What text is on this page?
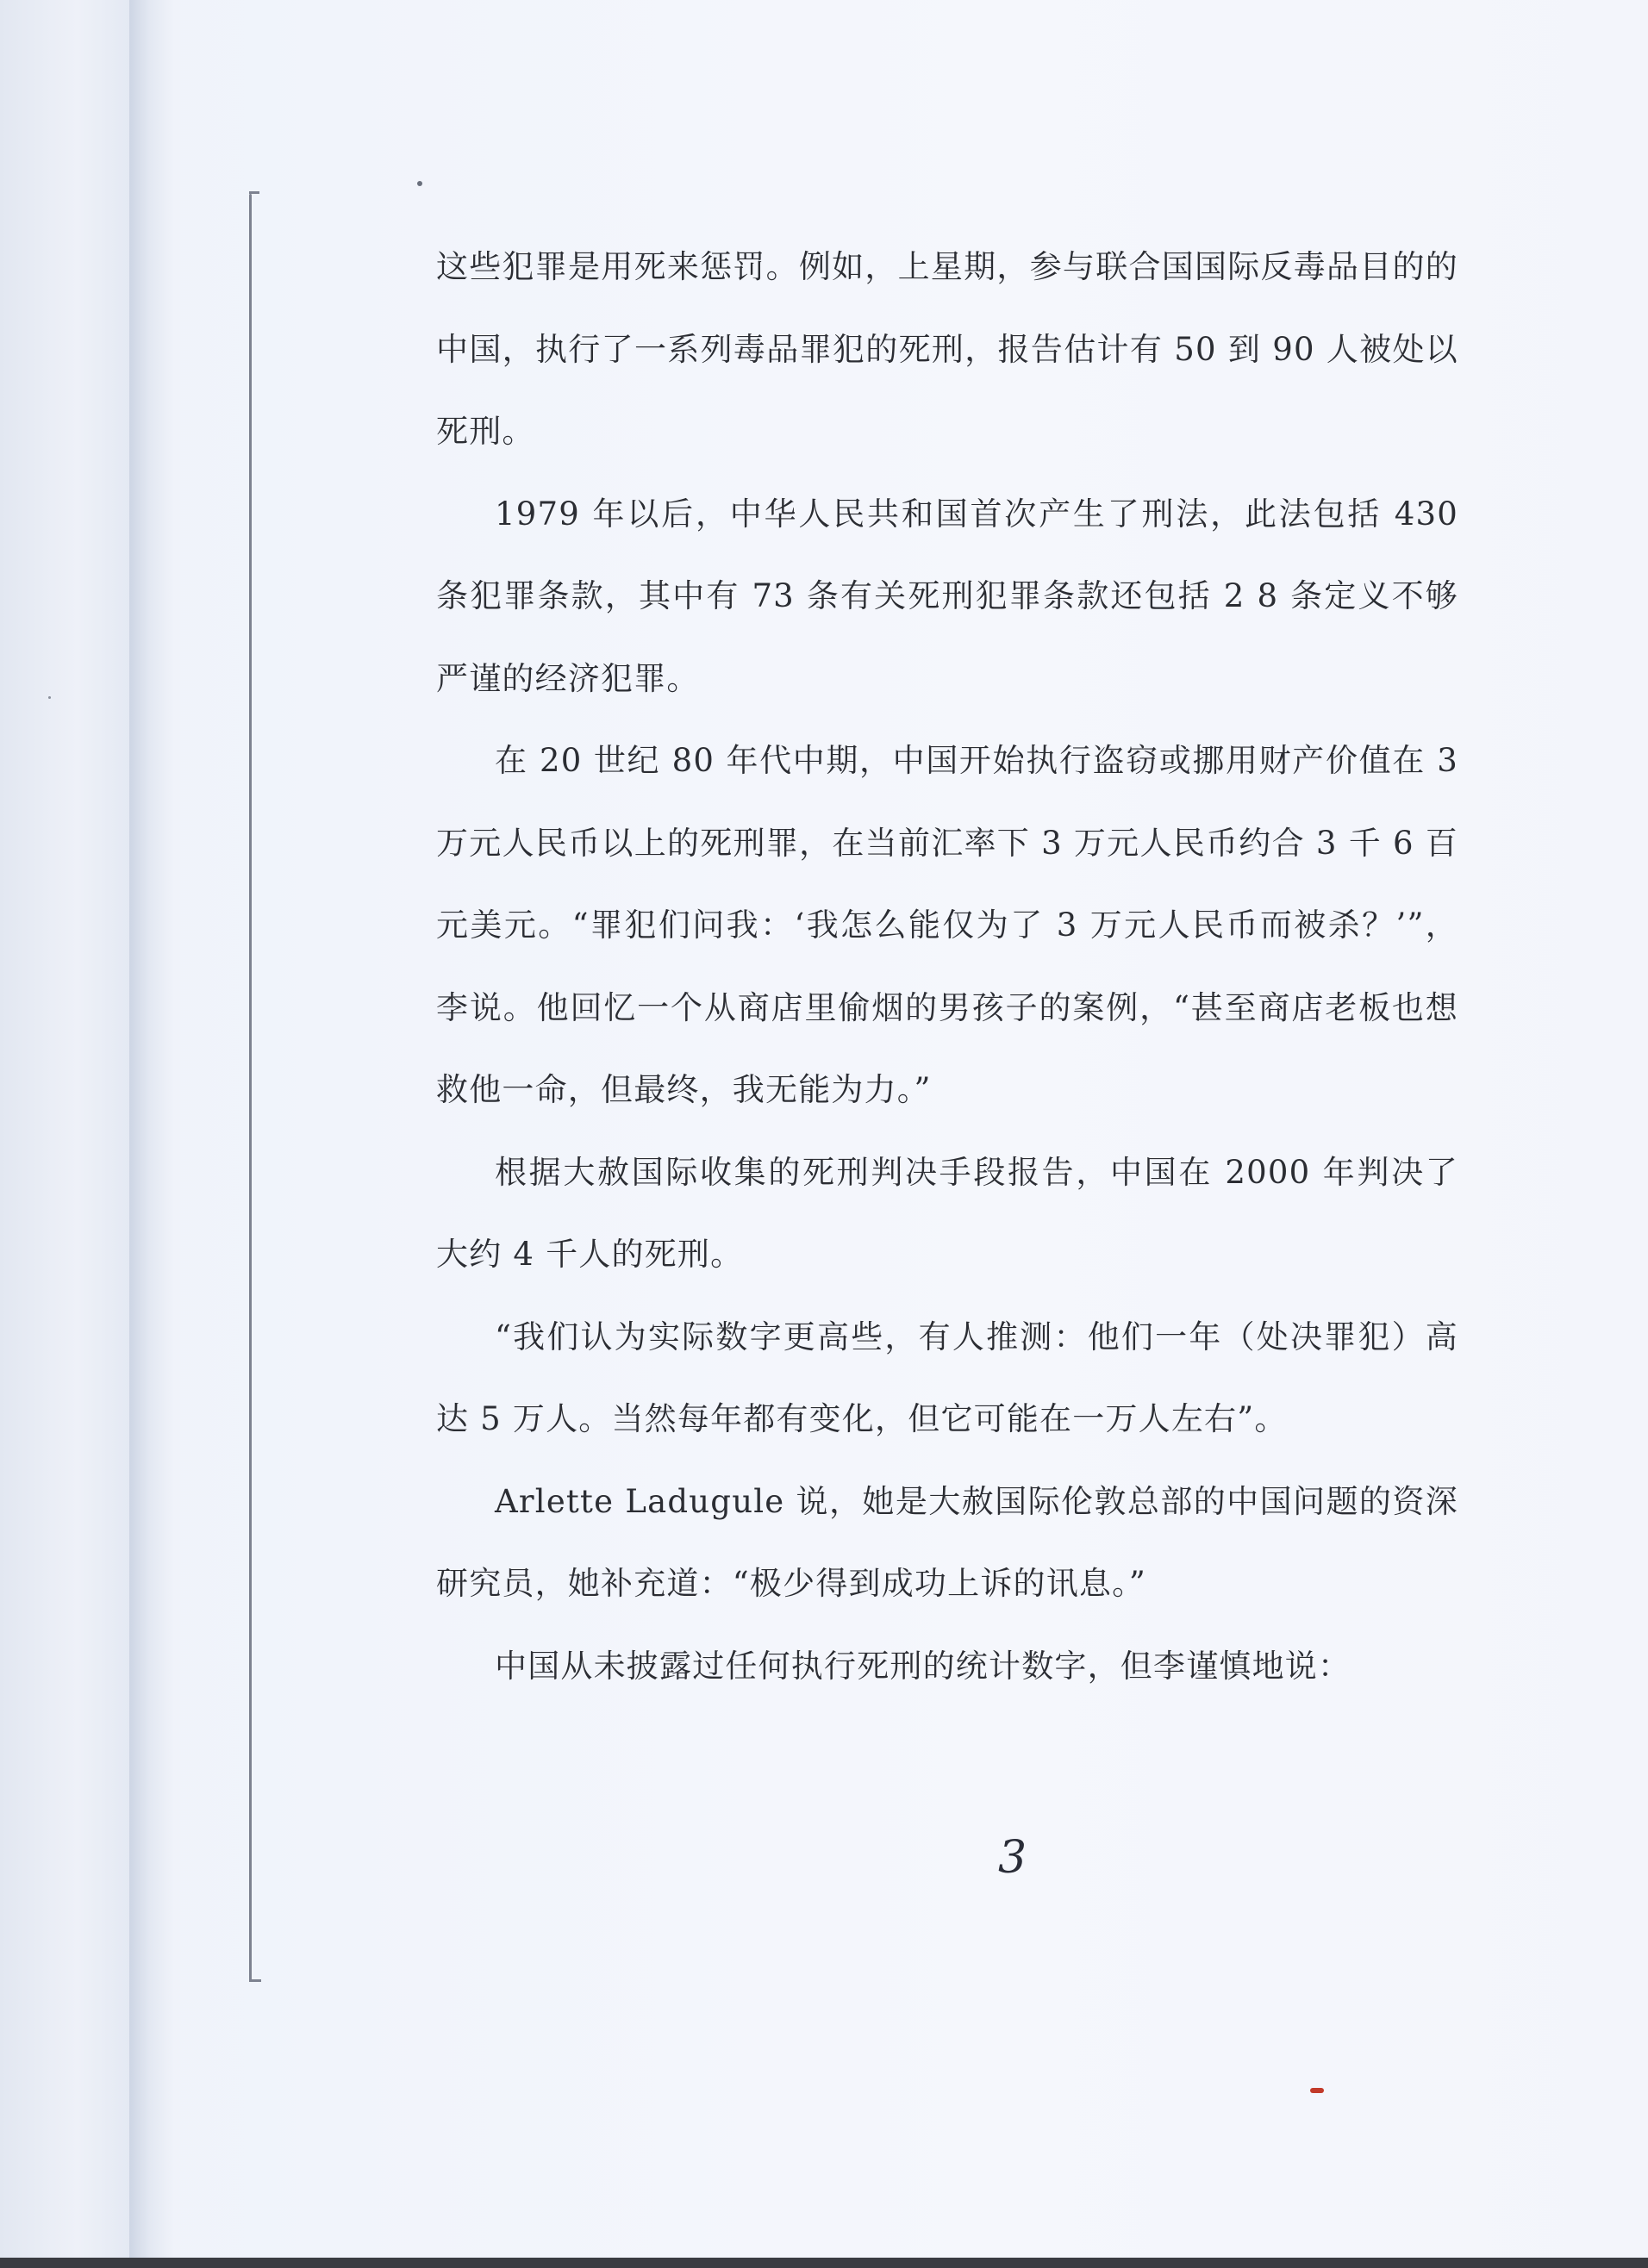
这些犯罪是用死来惩罚。例如，上星期，参与联合国国际反毒品目的的中国，执行了一系列毒品罪犯的死刑，报告估计有 50 到 90 人被处以死刑。

1979 年以后，中华人民共和国首次产生了刑法，此法包括 430 条犯罪条款，其中有 73 条有关死刑犯罪条款还包括 2 8 条定义不够严谨的经济犯罪。

在 20 世纪 80 年代中期，中国开始执行盗窃或挪用财产价值在 3 万元人民币以上的死刑罪，在当前汇率下 3 万元人民币约合 3 千 6 百元美元。“罪犯们问我：‘我怎么能仅为了 3 万元人民币而被杀？’”，李说。他回忆一个从商店里偷烟的男孩子的案例，“甚至商店老板也想救他一命，但最终，我无能为力。”

根据大赦国际收集的死刑判决手段报告，中国在 2000 年判决了大约 4 千人的死刑。

“我们认为实际数字更高些，有人推测：他们一年（处决罪犯）高达 5 万人。当然每年都有变化，但它可能在一万人左右”。

Arlette Ladugule 说，她是大赦国际伦敦总部的中国问题的资深研究员，她补充道：“极少得到成功上诉的讯息。”

中国从未披露过任何执行死刑的统计数字，但李谨慎地说：

3
